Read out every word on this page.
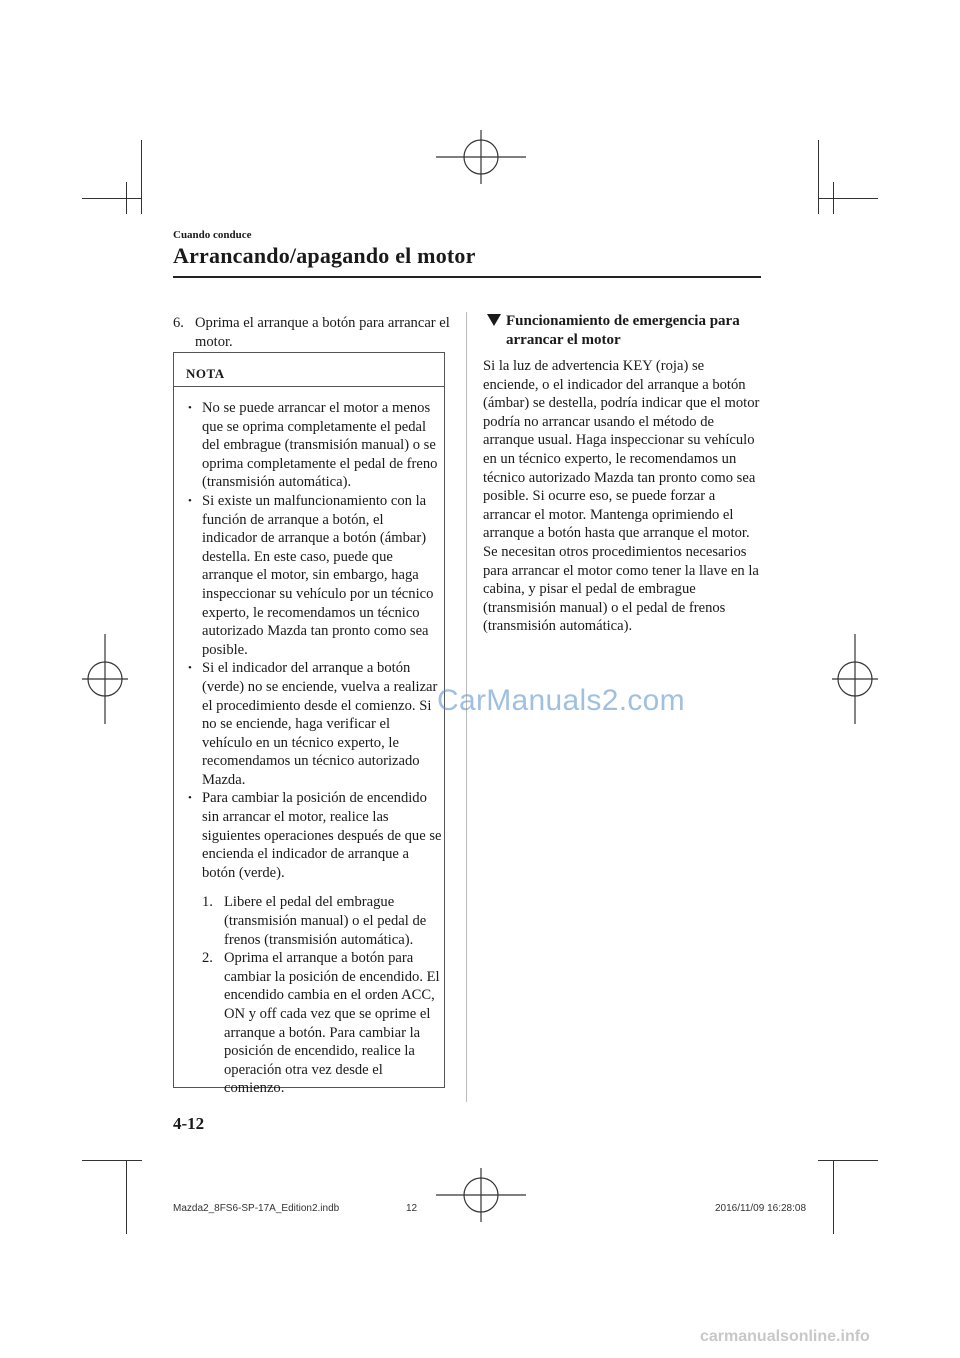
Cuando conduce
Arrancando/apagando el motor
6. Oprima el arranque a botón para arrancar el motor.
NOTA
• No se puede arrancar el motor a menos que se oprima completamente el pedal del embrague (transmisión manual) o se oprima completamente el pedal de freno (transmisión automática).
• Si existe un malfuncionamiento con la función de arranque a botón, el indicador de arranque a botón (ámbar) destella. En este caso, puede que arranque el motor, sin embargo, haga inspeccionar su vehículo por un técnico experto, le recomendamos un técnico autorizado Mazda tan pronto como sea posible.
• Si el indicador del arranque a botón (verde) no se enciende, vuelva a realizar el procedimiento desde el comienzo. Si no se enciende, haga verificar el vehículo en un técnico experto, le recomendamos un técnico autorizado Mazda.
• Para cambiar la posición de encendido sin arrancar el motor, realice las siguientes operaciones después de que se encienda el indicador de arranque a botón (verde).
1. Libere el pedal del embrague (transmisión manual) o el pedal de frenos (transmisión automática).
2. Oprima el arranque a botón para cambiar la posición de encendido. El encendido cambia en el orden ACC, ON y off cada vez que se oprime el arranque a botón. Para cambiar la posición de encendido, realice la operación otra vez desde el comienzo.
Funcionamiento de emergencia para arrancar el motor
Si la luz de advertencia KEY (roja) se enciende, o el indicador del arranque a botón (ámbar) se destella, podría indicar que el motor podría no arrancar usando el método de arranque usual. Haga inspeccionar su vehículo en un técnico experto, le recomendamos un técnico autorizado Mazda tan pronto como sea posible. Si ocurre eso, se puede forzar a arrancar el motor. Mantenga oprimiendo el arranque a botón hasta que arranque el motor. Se necesitan otros procedimientos necesarios para arrancar el motor como tener la llave en la cabina, y pisar el pedal de embrague (transmisión manual) o el pedal de frenos (transmisión automática).
4-12
CarManuals2.com
Mazda2_8FS6-SP-17A_Edition2.indb	12	2016/11/09 16:28:08
carmanualsonline.info
